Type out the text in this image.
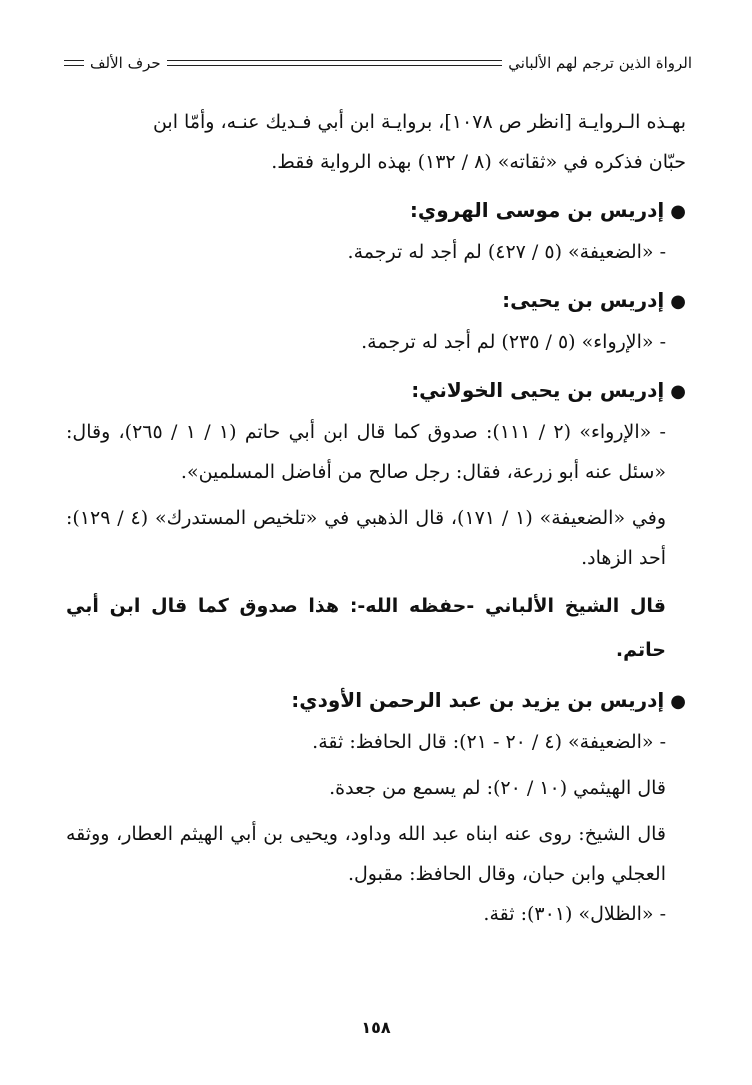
الرواة الذين ترجم لهم الألباني
حرف الألف

بهـذه الـروايـة [انظر ص ١٠٧٨]، بروايـة ابن أبي فـديك عنـه، وأمّا ابن

حبّان فذكره في «ثقاته» (٨ / ١٣٢) بهذه الرواية فقط.

●إدريس بن موسى الهروي:

- «الضعيفة» (٥ / ٤٢٧) لم أجد له ترجمة.

●إدريس بن يحيى:

- «الإرواء» (٥ / ٢٣٥) لم أجد له ترجمة.

●إدريس بن يحيى الخولاني:

- «الإرواء» (٢ / ١١١): صدوق كما قال ابن أبي حاتم (١ / ١ / ٢٦٥)، وقال: «سئل عنه أبو زرعة، فقال: رجل صالح من أفاضل المسلمين».

وفي «الضعيفة» (١ / ١٧١)، قال الذهبي في «تلخيص المستدرك» (٤ / ١٢٩): أحد الزهاد.

قال الشيخ الألباني -حفظه الله-: هذا صدوق كما قال ابن أبي حاتم.

●إدريس بن يزيد بن عبد الرحمن الأودي:

- «الضعيفة» (٤ / ٢٠ - ٢١): قال الحافظ: ثقة.

قال الهيثمي (١٠ / ٢٠): لم يسمع من جعدة.

قال الشيخ: روى عنه ابناه عبد الله وداود، ويحيى بن أبي الهيثم العطار، ووثقه العجلي وابن حبان، وقال الحافظ: مقبول.

- «الظلال» (٣٠١): ثقة.

١٥٨
